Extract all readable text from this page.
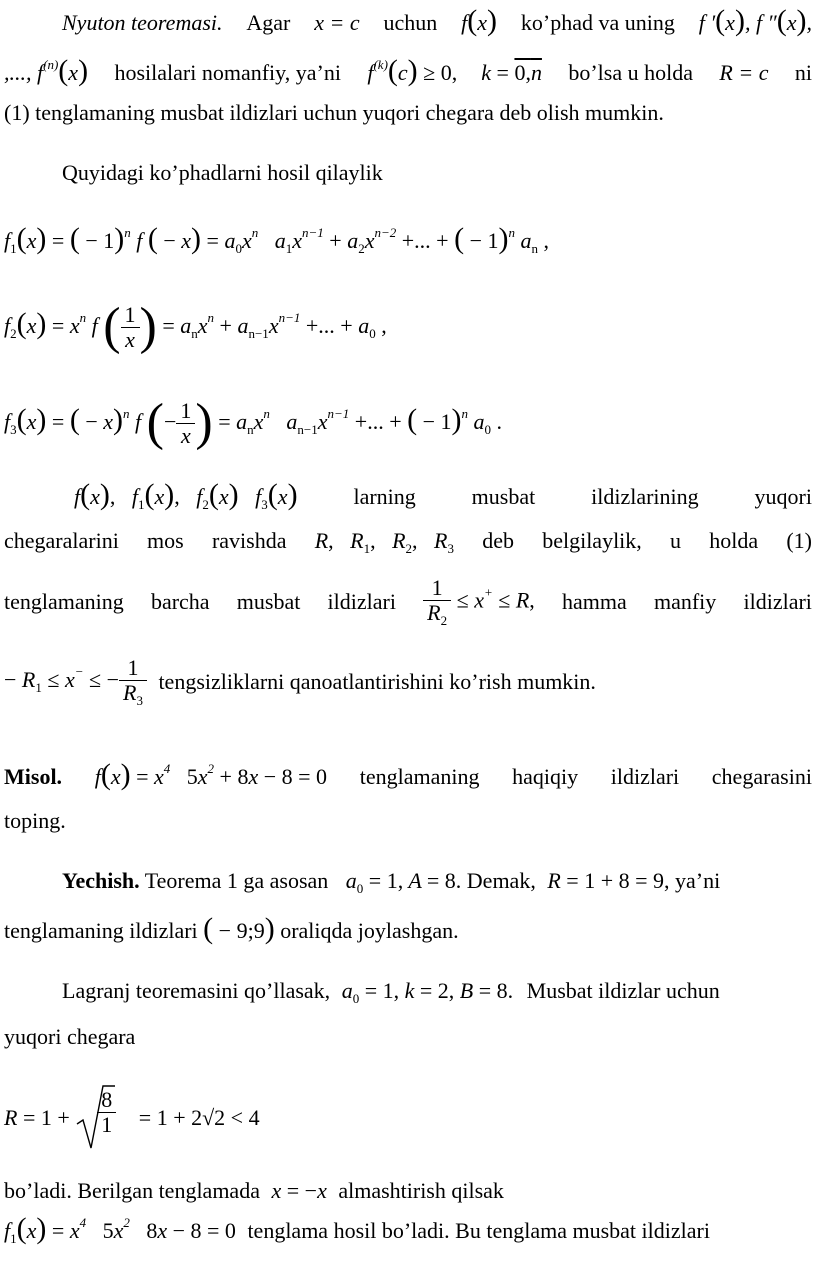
Nyuton teoremasi. Agar x = c uchun f(x) ko’phad va uning f ′(x), f ″(x),
,..., $f^{(n)}(x)$ hosilalari nomanfiy, ya’ni $f^{(k)}(c) \ge 0$, k = 0,n bo’lsa u holda R = c ni
(1) tenglamaning musbat ildizlari uchun yuqori chegara deb olish mumkin.
Quyidagi ko’phadlarni hosil qilaylik
$f_1(x)$ = ( − 1)$^n$ f ( − $x) = a_0x^n$   $a_1x^{n-1} + a_2x^{n-2}$ +... + ( − 1)$^n$ $a_n$ ,
$f_2(x) = x^n$ f ( $\frac{1}{x}$ ) = $a_nx^n + a_{n-1}x^{n-1}$ +... + $a_0$ ,
$f_3(x)$ = ( − x)$^n$ f (− $\frac{1}{x}$ ) = $a_nx^n$   $a_{n-1}x^{n-1}$ +... + ( − 1)$^n$ $a_0$ .
f(x),   $f_1(x)$,   $f_2(x)$   $f_3(x)$	larning	musbat	ildizlarining	yuqori
chegaralarini mos ravishda R,   $R_1$,   $R_2$,   $R_3$ deb belgilaylik, u holda (1)
tenglamaning barcha musbat ildizlari $\frac{1}{R_2} \le x^+ \le R$, hamma manfiy ildizlari
− $R_1 \le x^-$ ≤ − $\frac{1}{R_3}$ tengsizliklarni qanoatlantirishini ko’rish mumkin.
Misol. $f(x) = x^4$ $5x^2 + 8x - 8 = 0$ tenglamaning haqiqiy ildizlari chegarasini
toping.
Yechish. Teorema 1 ga asosan $a_0 = 1$, A = 8. Demak, R = 1 + 8 = 9, ya’ni
tenglamaning ildizlari ( − 9;9) oraliqda joylashgan.
Lagranj teoremasini qo’llasak, $a_0 = 1$, k = 2, B = 8. Musbat ildizlar uchun
yuqori chegara
$R = 1 + \frac{8}{1} = 1 + 2√2 < 4$
bo’ladi. Berilgan tenglamada x = −x almashtirish qilsak
$f_1(x) = x^4$ $5x^2$ 8x − 8 = 0 tenglama hosil bo’ladi. Bu tenglama musbat ildizlari
